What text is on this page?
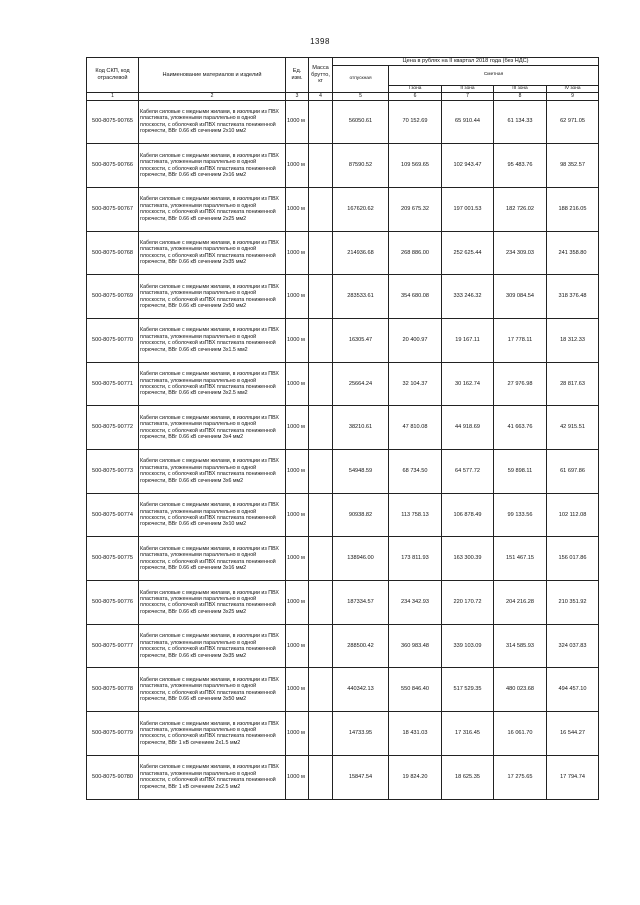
1398
Код СКП, код отраслевой	Наименование материалов и изделий	Ед. изм.	Масса брутто, кг	Цена в рублях на II квартал 2018 года (без НДС)				
				отпускная	Сметная			
					I зона	II зона	III зона	IV зона
1	2	3	4	5	6	7	8	9
500-8075-90765	Кабели силовые с медными жилами, в изоляции из ПВХ пластиката, уложенными параллельно в одной плоскости, с оболочкой изПВХ пластиката пониженной горючести, ВВг 0.66 кВ сечением 2х10 мм2	1000 м		56050.61	70 152.69	65 910.44	61 134.33	62 971.05
500-8075-90766	Кабели силовые с медными жилами, в изоляции из ПВХ пластиката, уложенными параллельно в одной плоскости, с оболочкой изПВХ пластиката пониженной горючести, ВВг 0.66 кВ сечением 2х16 мм2	1000 м		87590.52	109 569.65	102 943.47	95 483.76	98 352.57
500-8075-90767	Кабели силовые с медными жилами, в изоляции из ПВХ пластиката, уложенными параллельно в одной плоскости, с оболочкой изПВХ пластиката пониженной горючести, ВВг 0.66 кВ сечением 2х25 мм2	1000 м		167620.62	209 675.32	197 001.53	182 726.02	188 216.05
500-8075-90768	Кабели силовые с медными жилами, в изоляции из ПВХ пластиката, уложенными параллельно в одной плоскости, с оболочкой изПВХ пластиката пониженной горючести, ВВг 0.66 кВ сечением 2х35 мм2	1000 м		214936.68	268 886.00	252 625.44	234 309.03	241 358.80
500-8075-90769	Кабели силовые с медными жилами, в изоляции из ПВХ пластиката, уложенными параллельно в одной плоскости, с оболочкой изПВХ пластиката пониженной горючести, ВВг 0.66 кВ сечением 2х50 мм2	1000 м		283533.61	354 680.08	333 246.32	309 084.54	318 376.48
500-8075-90770	Кабели силовые с медными жилами, в изоляции из ПВХ пластиката, уложенными параллельно в одной плоскости, с оболочкой изПВХ пластиката пониженной горючести, ВВг 0.66 кВ сечением 3х1.5 мм2	1000 м		16305.47	20 400.97	19 167.11	17 778.11	18 312.33
500-8075-90771	Кабели силовые с медными жилами, в изоляции из ПВХ пластиката, уложенными параллельно в одной плоскости, с оболочкой изПВХ пластиката пониженной горючести, ВВг 0.66 кВ сечением 3х2.5 мм2	1000 м		25664.24	32 104.37	30 162.74	27 976.98	28 817.63
500-8075-90772	Кабели силовые с медными жилами, в изоляции из ПВХ пластиката, уложенными параллельно в одной плоскости, с оболочкой изПВХ пластиката пониженной горючести, ВВг 0.66 кВ сечением 3х4 мм2	1000 м		38210.61	47 810.08	44 918.69	41 663.76	42 915.51
500-8075-90773	Кабели силовые с медными жилами, в изоляции из ПВХ пластиката, уложенными параллельно в одной плоскости, с оболочкой изПВХ пластиката пониженной горючести, ВВг 0.66 кВ сечением 3х6 мм2	1000 м		54948.59	68 734.50	64 577.72	59 898.11	61 697.86
500-8075-90774	Кабели силовые с медными жилами, в изоляции из ПВХ пластиката, уложенными параллельно в одной плоскости, с оболочкой изПВХ пластиката пониженной горючести, ВВг 0.66 кВ сечением 3х10 мм2	1000 м		90938.82	113 758.13	106 878.49	99 133.56	102 112.08
500-8075-90775	Кабели силовые с медными жилами, в изоляции из ПВХ пластиката, уложенными параллельно в одной плоскости, с оболочкой изПВХ пластиката пониженной горючести, ВВг 0.66 кВ сечением 3х16 мм2	1000 м		138946.00	173 811.93	163 300.39	151 467.15	156 017.86
500-8075-90776	Кабели силовые с медными жилами, в изоляции из ПВХ пластиката, уложенными параллельно в одной плоскости, с оболочкой изПВХ пластиката пониженной горючести, ВВг 0.66 кВ сечением 3х25 мм2	1000 м		187334.57	234 342.93	220 170.72	204 216.28	210 351.92
500-8075-90777	Кабели силовые с медными жилами, в изоляции из ПВХ пластиката, уложенными параллельно в одной плоскости, с оболочкой изПВХ пластиката пониженной горючести, ВВг 0.66 кВ сечением 3х35 мм2	1000 м		288500.42	360 983.48	339 103.09	314 585.93	324 037.83
500-8075-90778	Кабели силовые с медными жилами, в изоляции из ПВХ пластиката, уложенными параллельно в одной плоскости, с оболочкой изПВХ пластиката пониженной горючести, ВВг 0.66 кВ сечением 3х50 мм2	1000 м		440342.13	550 846.40	517 529.35	480 023.68	494 457.10
500-8075-90779	Кабели силовые с медными жилами, в изоляции из ПВХ пластиката, уложенными параллельно в одной плоскости, с оболочкой изПВХ пластиката пониженной горючести, ВВг 1 кВ сечением 2х1.5 мм2	1000 м		14733.95	18 431.03	17 316.45	16 061.70	16 544.27
500-8075-90780	Кабели силовые с медными жилами, в изоляции из ПВХ пластиката, уложенными параллельно в одной плоскости, с оболочкой изПВХ пластиката пониженной горючести, ВВг 1 кВ сечением 2х2.5 мм2	1000 м		15847.54	19 824.20	18 625.35	17 275.65	17 794.74
